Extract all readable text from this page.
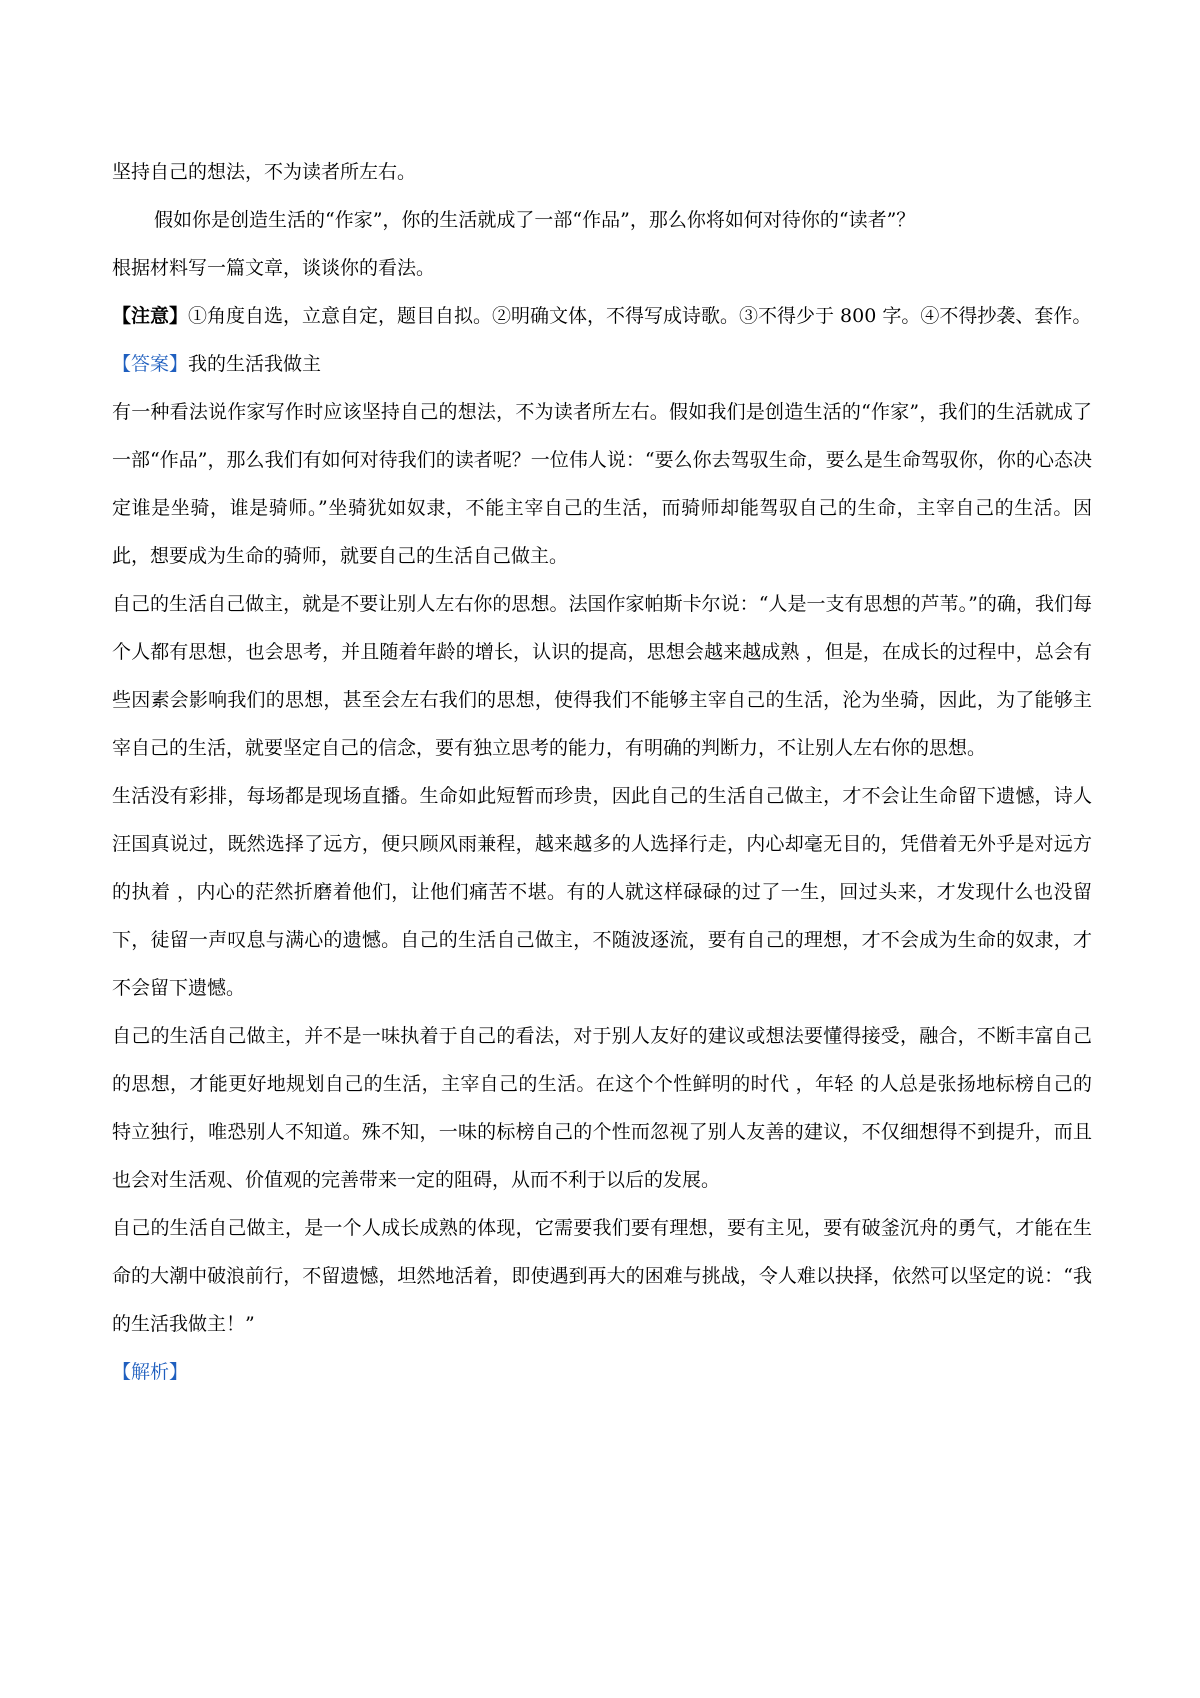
坚持自己的想法，不为读者所左右。

假如你是创造生活的“作家”，你的生活就成了一部“作品”，那么你将如何对待你的“读者”？

根据材料写一篇文章，谈谈你的看法。

【注意】①角度自选，立意自定，题目自拟。②明确文体，不得写成诗歌。③不得少于 800 字。④不得抄袭、套作。

【答案】我的生活我做主

有一种看法说作家写作时应该坚持自己的想法，不为读者所左右。假如我们是创造生活的“作家”，我们的生活就成了一部“作品”，那么我们有如何对待我们的读者呢？一位伟人说：“要么你去驾驭生命，要么是生命驾驭你，你的心态决定谁是坐骑，谁是骑师。”坐骑犹如奴隶，不能主宰自己的生活，而骑师却能驾驭自己的生命，主宰自己的生活。因此，想要成为生命的骑师，就要自己的生活自己做主。

自己的生活自己做主，就是不要让别人左右你的思想。法国作家帕斯卡尔说：“人是一支有思想的芦苇。”的确，我们每个人都有思想，也会思考，并且随着年龄的增长，认识的提高，思想会越来越成熟 ，但是，在成长的过程中，总会有些因素会影响我们的思想，甚至会左右我们的思想，使得我们不能够主宰自己的生活，沦为坐骑，因此，为了能够主宰自己的生活，就要坚定自己的信念，要有独立思考的能力，有明确的判断力，不让别人左右你的思想。

生活没有彩排，每场都是现场直播。生命如此短暂而珍贵，因此自己的生活自己做主，才不会让生命留下遗憾，诗人汪国真说过，既然选择了远方，便只顾风雨兼程，越来越多的人选择行走，内心却毫无目的，凭借着无外乎是对远方的执着 ，内心的茫然折磨着他们，让他们痛苦不堪。有的人就这样碌碌的过了一生，回过头来，才发现什么也没留下，徒留一声叹息与满心的遗憾。自己的生活自己做主，不随波逐流，要有自己的理想，才不会成为生命的奴隶，才不会留下遗憾。

自己的生活自己做主，并不是一味执着于自己的看法，对于别人友好的建议或想法要懂得接受，融合，不断丰富自己的思想，才能更好地规划自己的生活，主宰自己的生活。在这个个性鲜明的时代 ，年轻 的人总是张扬地标榜自己的特立独行，唯恐别人不知道。殊不知，一味的标榜自己的个性而忽视了别人友善的建议，不仅细想得不到提升，而且也会对生活观、价值观的完善带来一定的阻碍，从而不利于以后的发展。

自己的生活自己做主，是一个人成长成熟的体现，它需要我们要有理想，要有主见，要有破釜沉舟的勇气，才能在生命的大潮中破浪前行，不留遗憾，坦然地活着，即使遇到再大的困难与挑战，令人难以抉择，依然可以坚定的说：“我的生活我做主！”

【解析】
